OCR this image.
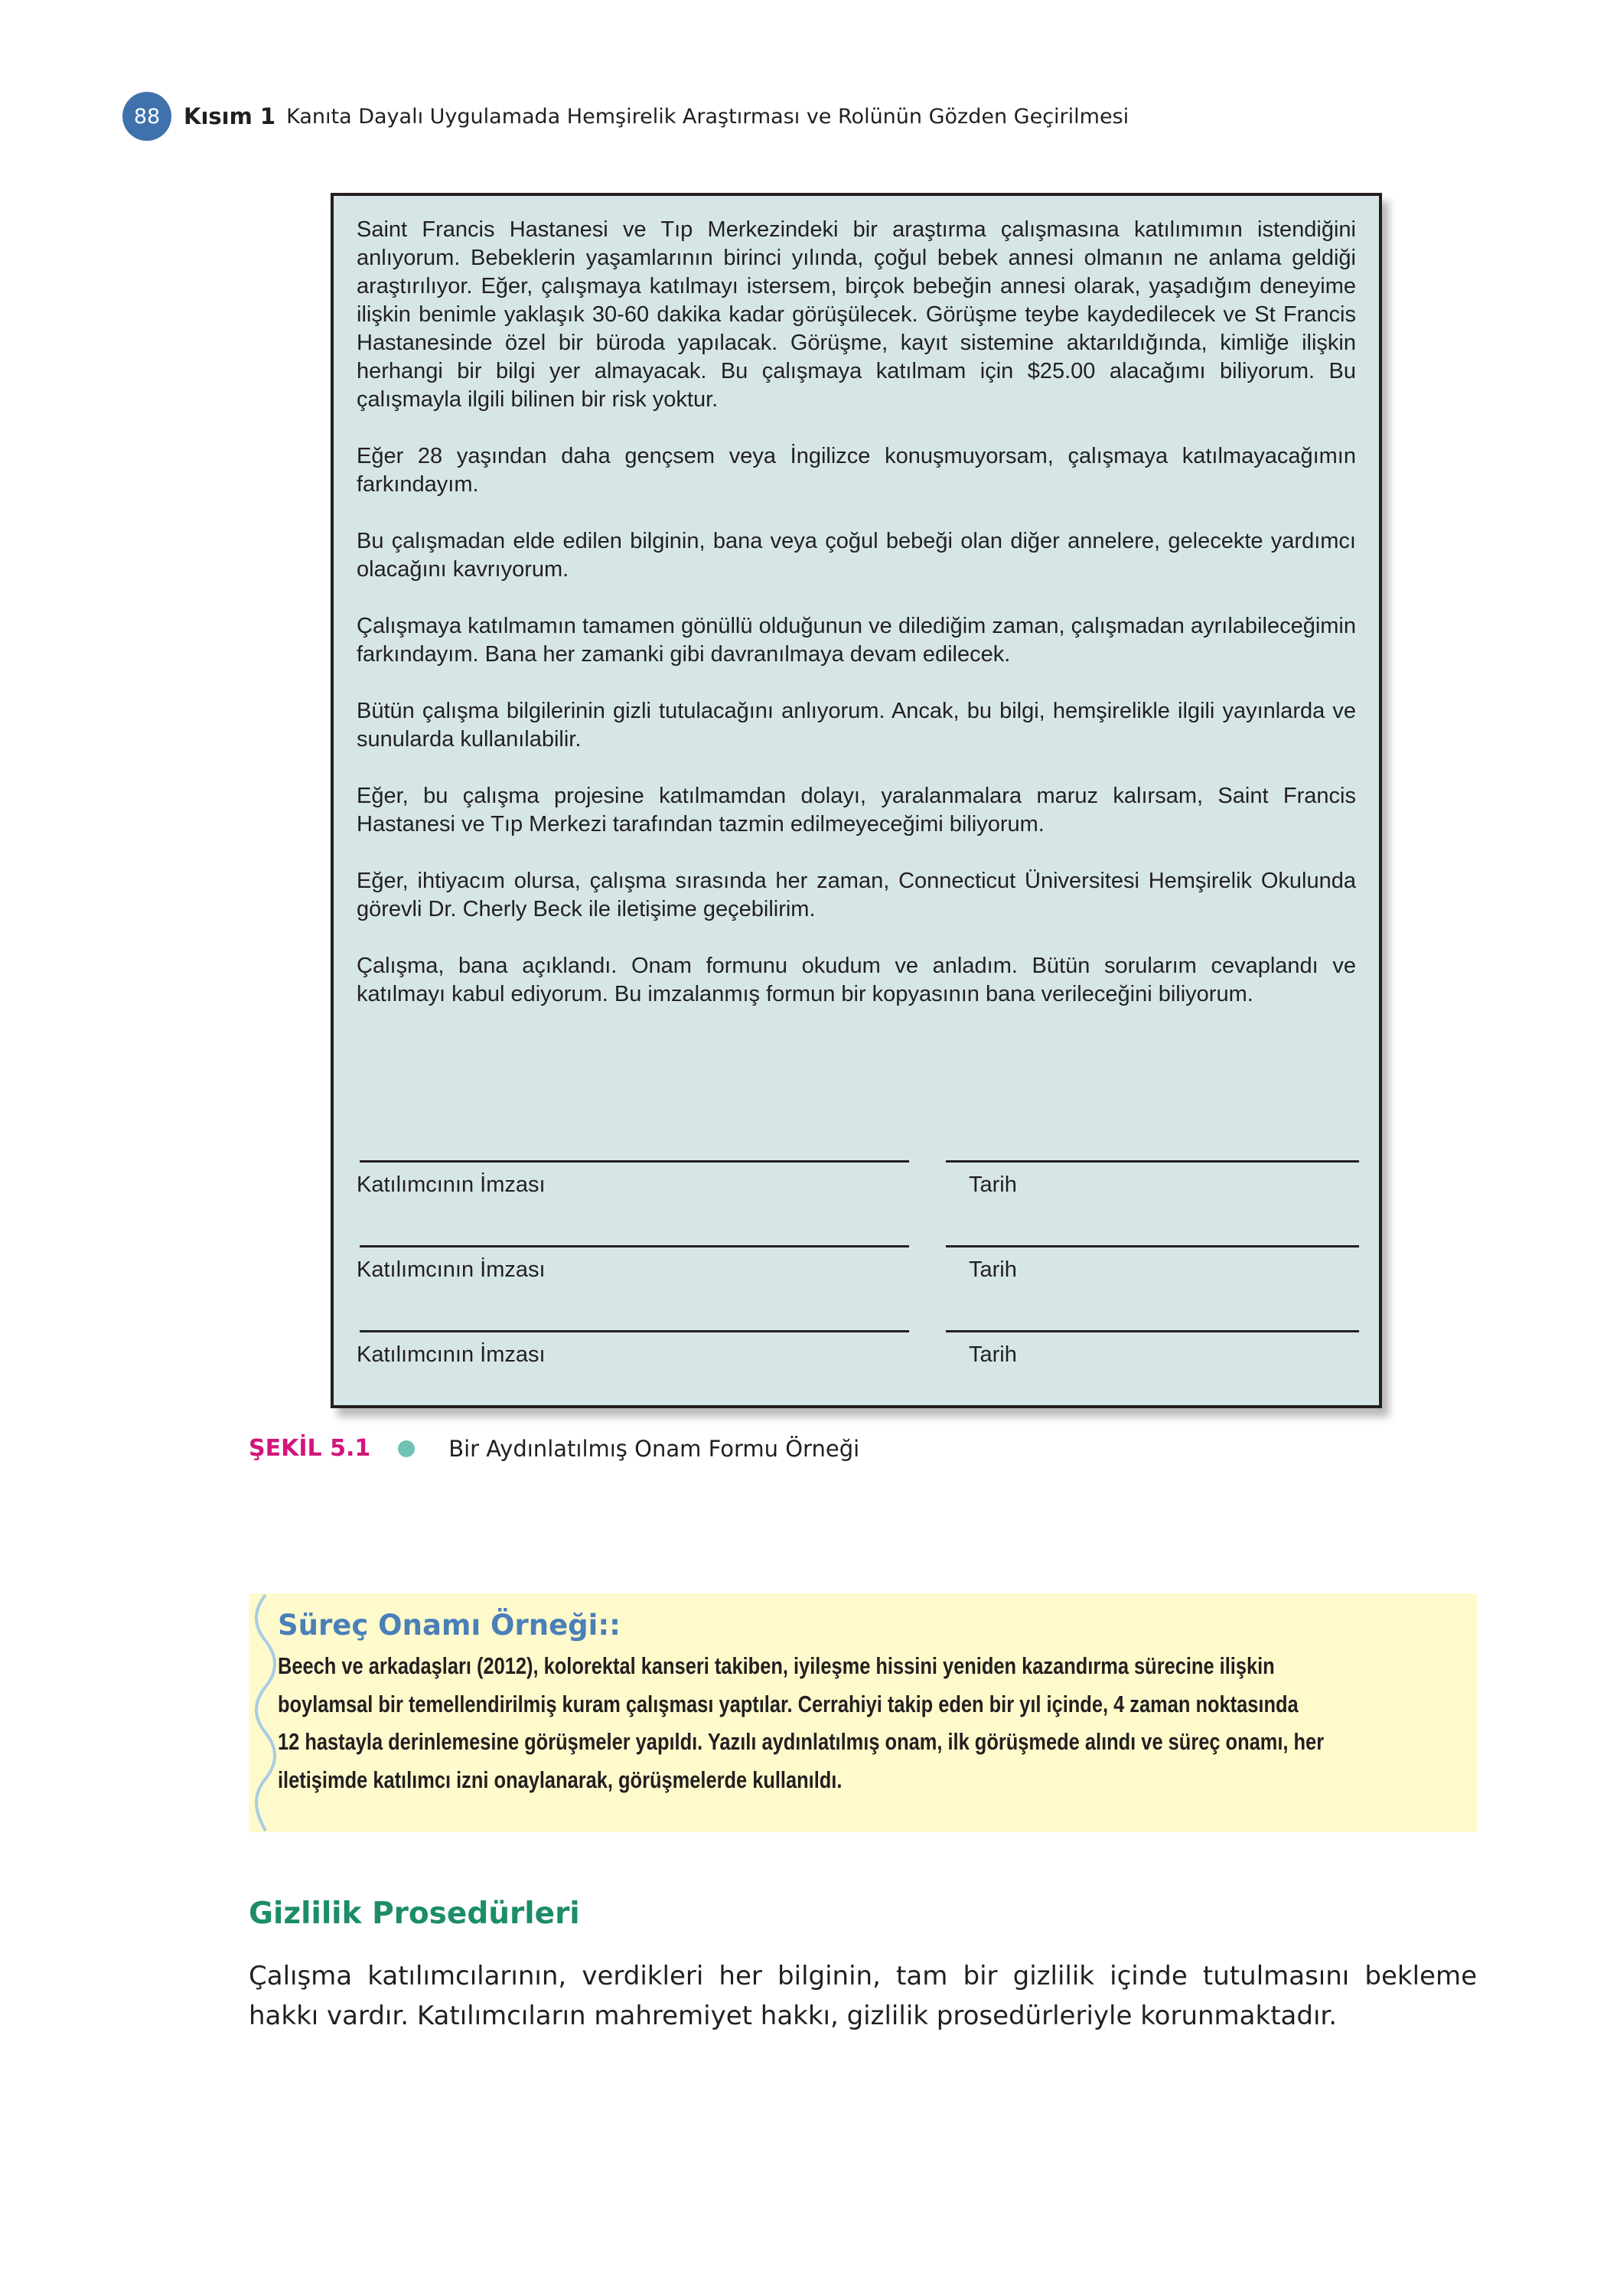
88	Kısım 1 Kanıta Dayalı Uygulamada Hemşirelik Araştırması ve Rolünün Gözden Geçirilmesi

Saint Francis Hastanesi ve Tıp Merkezindeki bir araştırma çalışmasına katılımımın istendiğini anlıyorum. Bebeklerin yaşamlarının birinci yılında, çoğul bebek annesi olmanın ne anlama geldiği araştırılıyor. Eğer, çalışmaya katılmayı istersem, birçok bebeğin annesi olarak, yaşadığım deneyime ilişkin benimle yaklaşık 30-60 dakika kadar görüşülecek. Görüşme teybe kaydedilecek ve St Francis Hastanesinde özel bir büroda yapılacak. Görüşme, kayıt sistemine aktarıldığında, kimliğe ilişkin herhangi bir bilgi yer almayacak. Bu çalışmaya katılmam için $25.00 alacağımı biliyorum. Bu çalışmayla ilgili bilinen bir risk yoktur.

Eğer 28 yaşından daha gençsem veya İngilizce konuşmuyorsam, çalışmaya katılmayacağımın farkındayım.

Bu çalışmadan elde edilen bilginin, bana veya çoğul bebeği olan diğer annelere, gelecekte yardımcı olacağını kavrıyorum.

Çalışmaya katılmamın tamamen gönüllü olduğunun ve dilediğim zaman, çalışmadan ayrılabileceğimin farkındayım. Bana her zamanki gibi davranılmaya devam edilecek.

Bütün çalışma bilgilerinin gizli tutulacağını anlıyorum. Ancak, bu bilgi, hemşirelikle ilgili yayınlarda ve sunularda kullanılabilir.

Eğer, bu çalışma projesine katılmamdan dolayı, yaralanmalara maruz kalırsam, Saint Francis Hastanesi ve Tıp Merkezi tarafından tazmin edilmeyeceğimi biliyorum.

Eğer, ihtiyacım olursa, çalışma sırasında her zaman, Connecticut Üniversitesi Hemşirelik Okulunda görevli Dr. Cherly Beck ile iletişime geçebilirim.

Çalışma, bana açıklandı. Onam formunu okudum ve anladım. Bütün sorularım cevaplandı ve katılmayı kabul ediyorum. Bu imzalanmış formun bir kopyasının bana verileceğini biliyorum.

Katılımcının İmzası	Tarih
Katılımcının İmzası	Tarih
Katılımcının İmzası	Tarih
ŞEKİL 5.1	Bir Aydınlatılmış Onam Formu Örneği
Süreç Onamı Örneği::
Beech ve arkadaşları (2012), kolorektal kanseri takiben, iyileşme hissini yeniden kazandırma sürecine ilişkin
boylamsal bir temellendirilmiş kuram çalışması yaptılar. Cerrahiyi takip eden bir yıl içinde, 4 zaman noktasında
12 hastayla derinlemesine görüşmeler yapıldı. Yazılı aydınlatılmış onam, ilk görüşmede alındı ve süreç onamı, her
iletişimde katılımcı izni onaylanarak, görüşmelerde kullanıldı.
Gizlilik Prosedürleri
Çalışma katılımcılarının, verdikleri her bilginin, tam bir gizlilik içinde tutulmasını bekleme hakkı vardır. Katılımcıların mahremiyet hakkı, gizlilik prosedürleriyle korunmaktadır.
